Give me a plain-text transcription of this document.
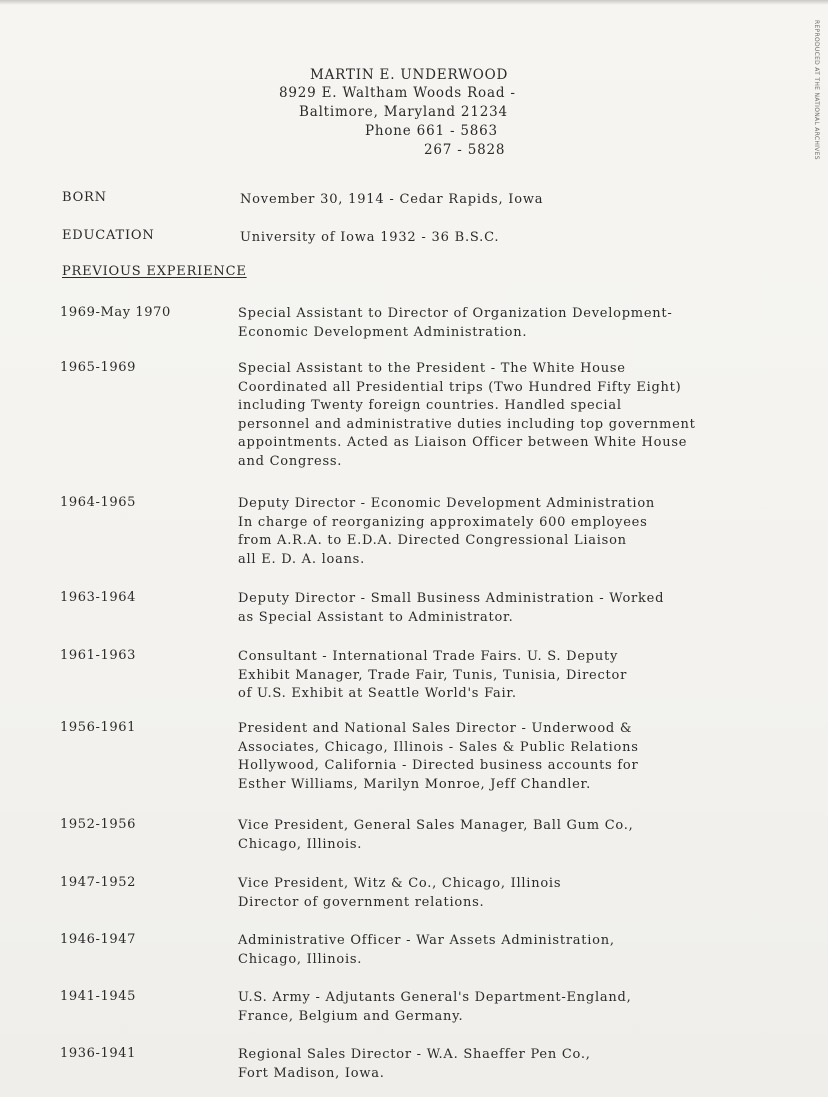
REPRODUCED AT THE NATIONAL ARCHIVES
MARTIN E. UNDERWOOD
8929 E. Waltham Woods Road -
Baltimore, Maryland 21234
Phone 661 - 5863
267 - 5828
BORN	November 30, 1914 - Cedar Rapids, Iowa
EDUCATION	University of Iowa 1932 - 36 B.S.C.
PREVIOUS EXPERIENCE
1969-May 1970	Special Assistant to Director of Organization Development-
Economic Development Administration.
1965-1969	Special Assistant to the President - The White House
Coordinated all Presidential trips (Two Hundred Fifty Eight)
including Twenty foreign countries. Handled special
personnel and administrative duties including top government
appointments. Acted as Liaison Officer between White House
and Congress.
1964-1965	Deputy Director - Economic Development Administration
In charge of reorganizing approximately 600 employees
from A.R.A. to E.D.A. Directed Congressional Liaison
all E. D. A. loans.
1963-1964	Deputy Director - Small Business Administration - Worked
as Special Assistant to Administrator.
1961-1963	Consultant - International Trade Fairs. U. S. Deputy
Exhibit Manager, Trade Fair, Tunis, Tunisia, Director
of U.S. Exhibit at Seattle World's Fair.
1956-1961	President and National Sales Director - Underwood &
Associates, Chicago, Illinois - Sales & Public Relations
Hollywood, California - Directed business accounts for
Esther Williams, Marilyn Monroe, Jeff Chandler.
1952-1956	Vice President, General Sales Manager, Ball Gum Co.,
Chicago, Illinois.
1947-1952	Vice President, Witz & Co., Chicago, Illinois
Director of government relations.
1946-1947	Administrative Officer - War Assets Administration,
Chicago, Illinois.
1941-1945	U.S. Army - Adjutants General's Department-England,
France, Belgium and Germany.
1936-1941	Regional Sales Director - W.A. Shaeffer Pen Co.,
Fort Madison, Iowa.
